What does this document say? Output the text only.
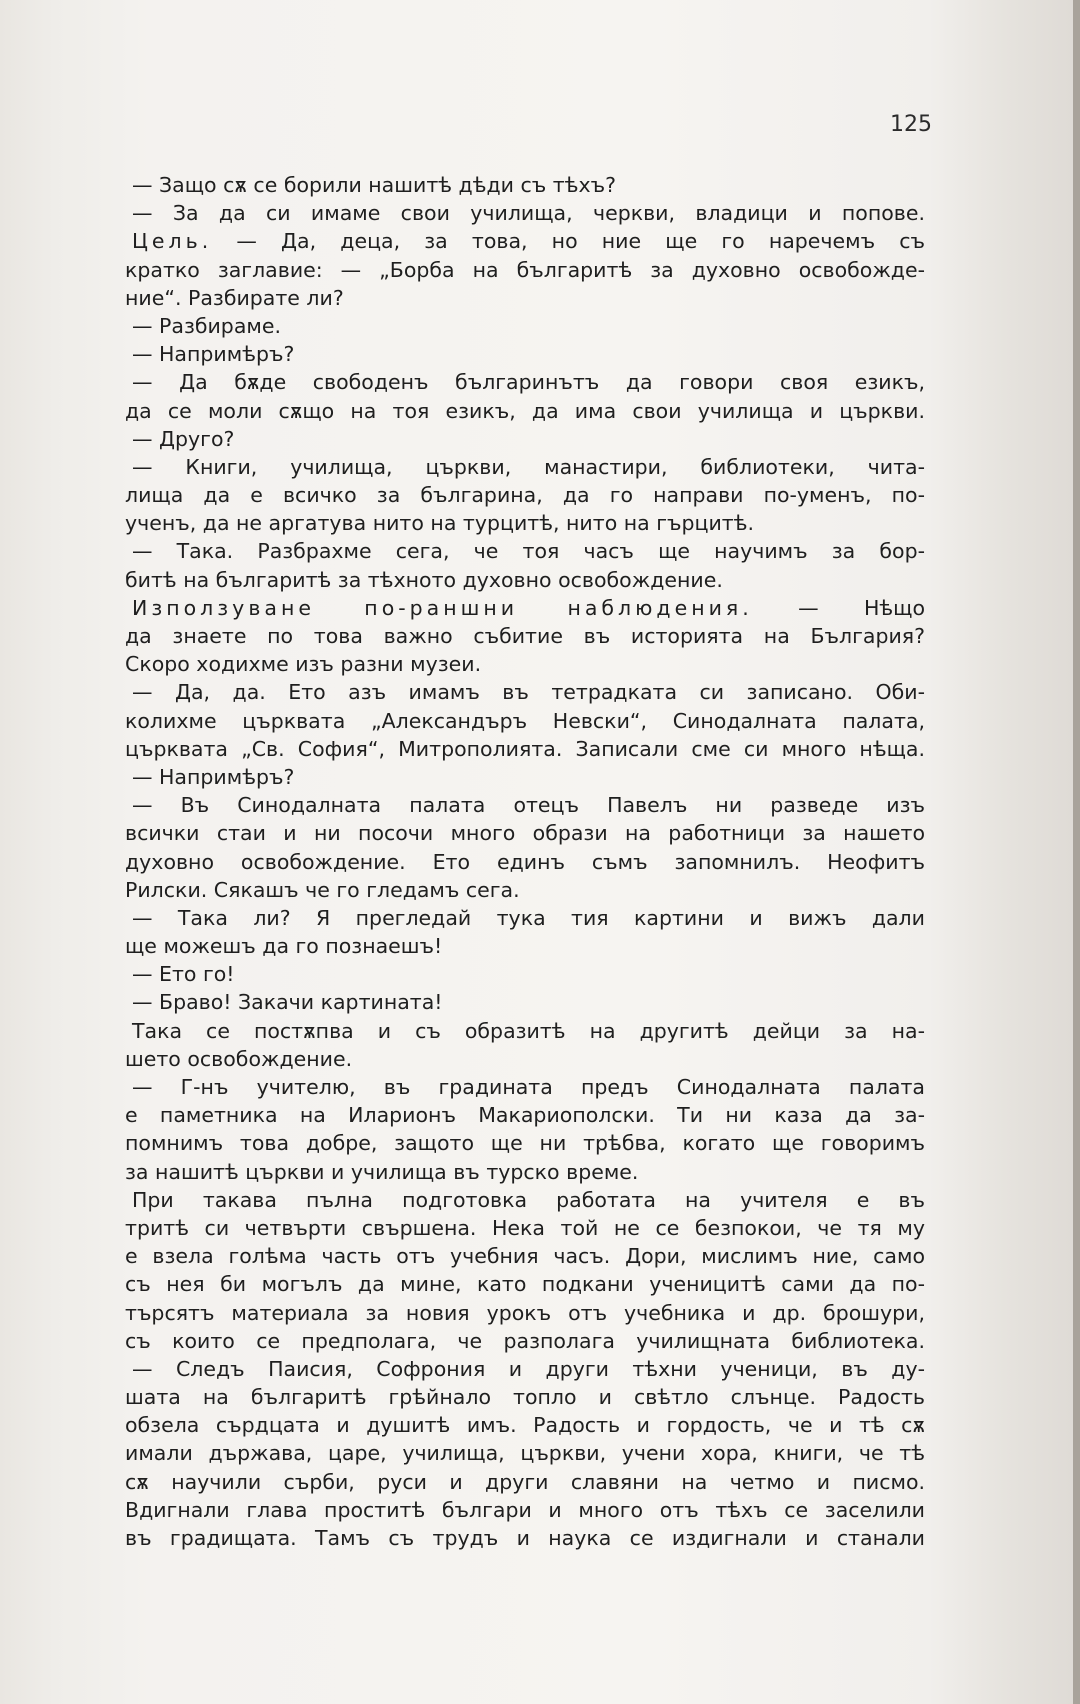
125
— Защо сѫ се борили нашитѣ дѣди съ тѣхъ?
— За да си имаме свои училища, черкви, владици и попове.
Цель. — Да, деца, за това, но ние ще го наречемъ съ
кратко заглавие: — „Борба на българитѣ за духовно освобожде-
ние“. Разбирате ли?
— Разбираме.
— Напримѣръ?
— Да бѫде свободенъ българинътъ да говори своя езикъ,
да се моли сѫщо на тоя езикъ, да има свои училища и църкви.
— Друго?
— Книги, училища, църкви, манастири, библиотеки, чита-
лища да е всичко за българина, да го направи по-уменъ, по-
ученъ, да не аргатува нито на турцитѣ, нито на гърцитѣ.
— Така. Разбрахме сега, че тоя часъ ще научимъ за бор-
битѣ на българитѣ за тѣхното духовно освобождение.
Използуване по-раншни наблюдения. — Нѣщо
да знаете по това важно събитие въ историята на България?
Скоро ходихме изъ разни музеи.
— Да, да. Ето азъ имамъ въ тетрадката си записано. Оби-
колихме църквата „Александъръ Невски“, Синодалната палата,
църквата „Св. София“, Митрополията. Записали сме си много нѣща.
— Напримѣръ?
— Въ Синодалната палата отецъ Павелъ ни разведе изъ
всички стаи и ни посочи много образи на работници за нашето
духовно освобождение. Ето единъ съмъ запомнилъ. Неофитъ
Рилски. Сякашъ че го гледамъ сега.
— Така ли? Я прегледай тука тия картини и вижъ дали
ще можешъ да го познаешъ!
— Ето го!
— Браво! Закачи картината!
Така се постѫпва и съ образитѣ на другитѣ дейци за на-
шето освобождение.
— Г-нъ учителю, въ градината предъ Синодалната палата
е паметника на Иларионъ Макариополски. Ти ни каза да за-
помнимъ това добре, защото ще ни трѣбва, когато ще говоримъ
за нашитѣ църкви и училища въ турско време.
При такава пълна подготовка работата на учителя е въ
тритѣ си четвърти свършена. Нека той не се безпокои, че тя му
е взела голѣма часть отъ учебния часъ. Дори, мислимъ ние, само
съ нея би могълъ да мине, като подкани ученицитѣ сами да по-
търсятъ материала за новия урокъ отъ учебника и др. брошури,
съ които се предполага, че разполага училищната библиотека.
— Следъ Паисия, Софрония и други тѣхни ученици, въ ду-
шата на българитѣ грѣйнало топло и свѣтло слънце. Радость
обзела сърдцата и душитѣ имъ. Радость и гордость, че и тѣ сѫ
имали държава, царе, училища, църкви, учени хора, книги, че тѣ
сѫ научили сърби, руси и други славяни на четмо и писмо.
Вдигнали глава проститѣ българи и много отъ тѣхъ се заселили
въ градищата. Тамъ съ трудъ и наука се издигнали и станали
